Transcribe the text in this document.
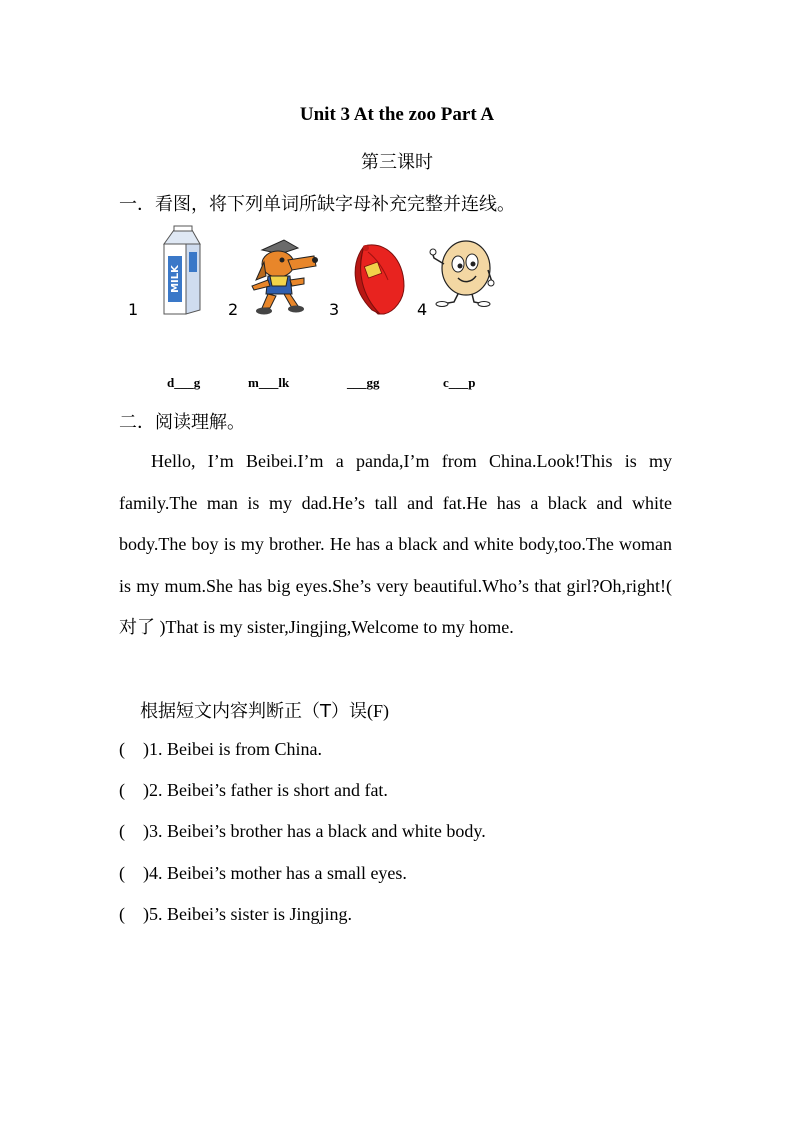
Unit 3 At the zoo Part A
第三课时
一．看图，将下列单词所缺字母补充完整并连线。
1
MILK
2	3	4
d___g	m___lk	___gg	c___p
二．阅读理解。
Hello, I’m Beibei.I’m a panda,I’m from China.Look!This is my family.The man is my dad.He’s tall and fat.He has a black and white body.The boy is my brother. He has a black and white body,too.The woman is my mum.She has big eyes.She’s very beautiful.Who’s that girl?Oh,right!( 对了 )That is my sister,Jingjing,Welcome to my home.
根据短文内容判断正（T）误(F)
(    )1. Beibei is from China.
(    )2. Beibei’s father is short and fat.
(    )3. Beibei’s brother has a black and white body.
(    )4. Beibei’s mother has a small eyes.
(    )5. Beibei’s sister is Jingjing.
